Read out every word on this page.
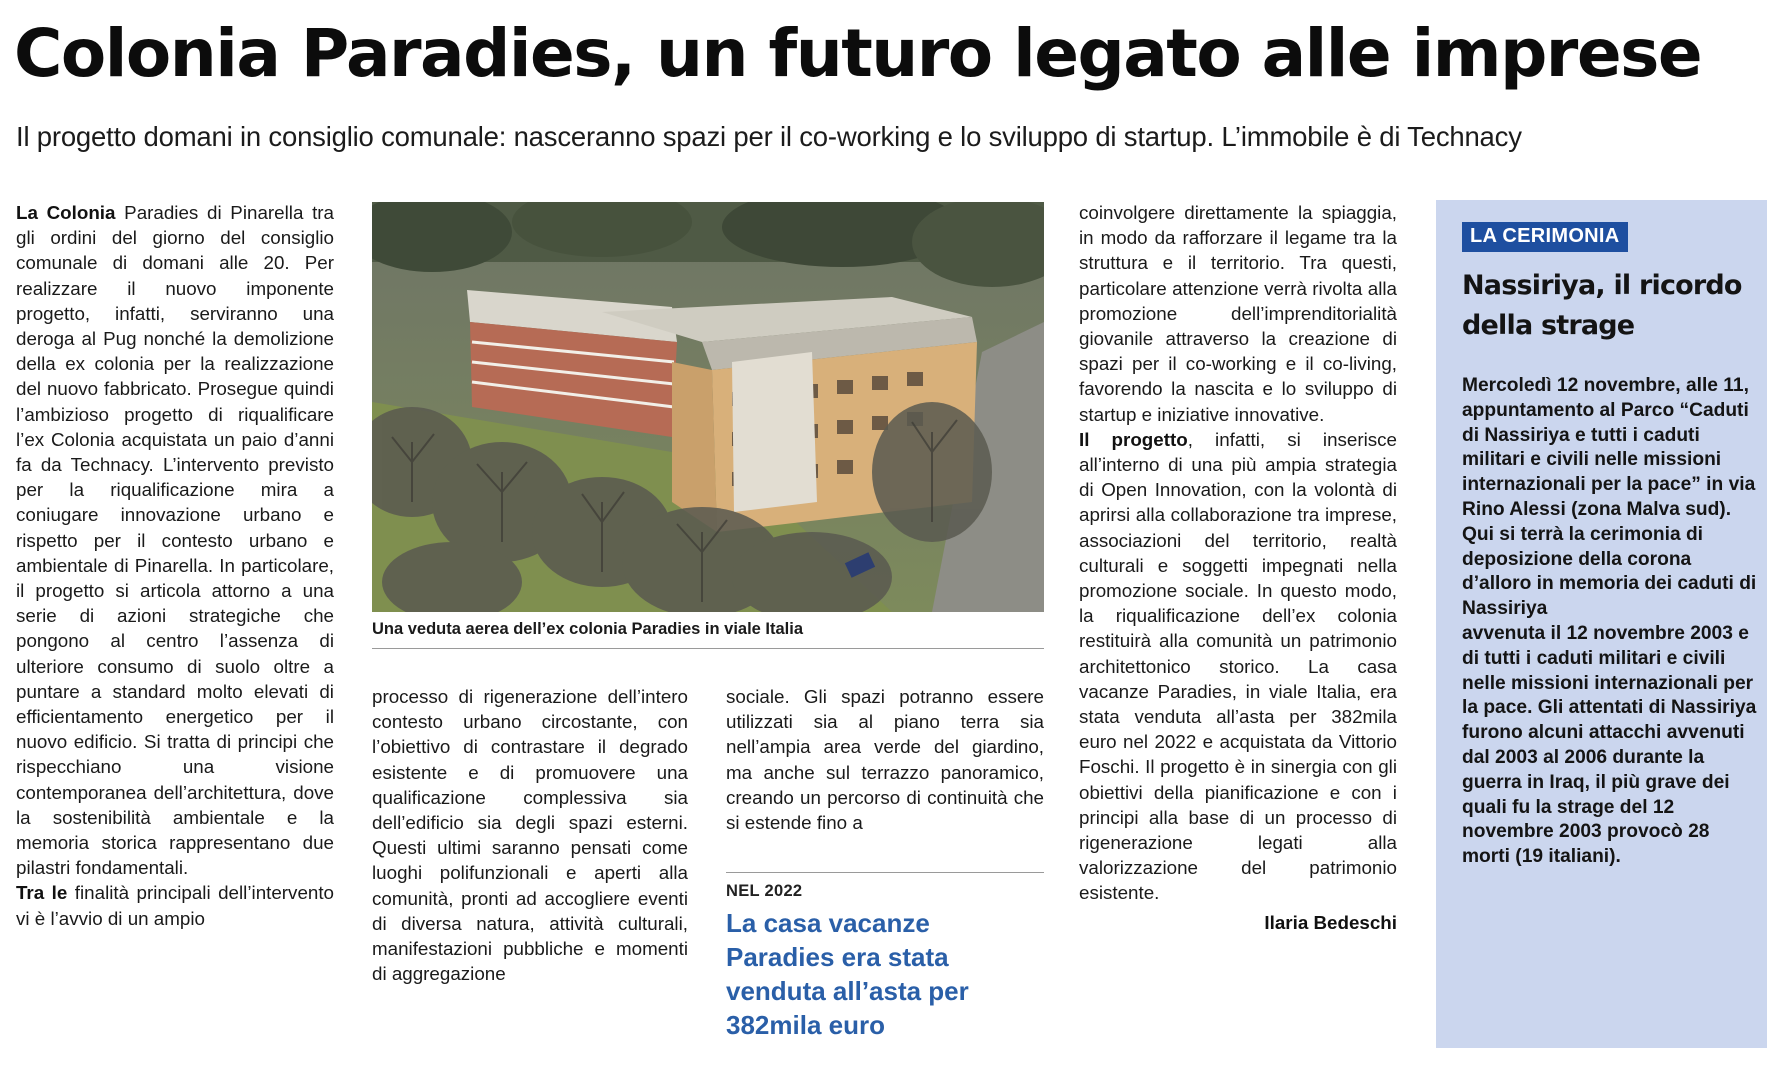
Colonia Paradies, un futuro legato alle imprese
Il progetto domani in consiglio comunale: nasceranno spazi per il co-working e lo sviluppo di startup. L’immobile è di Technacy

La Colonia Paradies di Pinarella tra gli ordini del giorno del consiglio comunale di domani alle 20. Per realizzare il nuovo imponente progetto, infatti, serviranno una deroga al Pug nonché la demolizione della ex colonia per la realizzazione del nuovo fabbricato. Prosegue quindi l’ambizioso progetto di riqualificare l’ex Colonia acquistata un paio d’anni fa da Technacy. L’intervento previsto per la riqualificazione mira a coniugare innovazione urbano e rispetto per il contesto urbano e ambientale di Pinarella. In particolare, il progetto si articola attorno a una serie di azioni strategiche che pongono al centro l’assenza di ulteriore consumo di suolo oltre a puntare a standard molto elevati di efficientamento energetico per il nuovo edificio. Si tratta di principi che rispecchiano una visione contemporanea dell’architettura, dove la sostenibilità ambientale e la memoria storica rappresentano due pilastri fondamentali.

Tra le finalità principali dell’intervento vi è l’avvio di un ampio

Una veduta aerea dell’ex colonia Paradies in viale Italia

processo di rigenerazione dell’intero contesto urbano circostante, con l’obiettivo di contrastare il degrado esistente e di promuovere una qualificazione complessiva sia dell’edificio sia degli spazi esterni. Questi ultimi saranno pensati come luoghi polifunzionali e aperti alla comunità, pronti ad accogliere eventi di diversa natura, attività culturali, manifestazioni pubbliche e momenti di aggregazione

sociale. Gli spazi potranno essere utilizzati sia al piano terra sia nell’ampia area verde del giardino, ma anche sul terrazzo panoramico, creando un percorso di continuità che si estende fino a

NEL 2022
La casa vacanze Paradies era stata venduta all’asta per 382mila euro

coinvolgere direttamente la spiaggia, in modo da rafforzare il legame tra la struttura e il territorio. Tra questi, particolare attenzione verrà rivolta alla promozione dell’imprenditorialità giovanile attraverso la creazione di spazi per il co-working e il co-living, favorendo la nascita e lo sviluppo di startup e iniziative innovative.

Il progetto, infatti, si inserisce all’interno di una più ampia strategia di Open Innovation, con la volontà di aprirsi alla collaborazione tra imprese, associazioni del territorio, realtà culturali e soggetti impegnati nella promozione sociale. In questo modo, la riqualificazione dell’ex colonia restituirà alla comunità un patrimonio architettonico storico. La casa vacanze Paradies, in viale Italia, era stata venduta all’asta per 382mila euro nel 2022 e acquistata da Vittorio Foschi. Il progetto è in sinergia con gli obiettivi della pianificazione e con i principi alla base di un processo di rigenerazione legati alla valorizzazione del patrimonio esistente.

Ilaria Bedeschi
LA CERIMONIA
Nassiriya, il ricordo della strage

Mercoledì 12 novembre, alle 11, appuntamento al Parco “Caduti di Nassiriya e tutti i caduti militari e civili nelle missioni internazionali per la pace” in via Rino Alessi (zona Malva sud). Qui si terrà la cerimonia di deposizione della corona d’alloro in memoria dei caduti di Nassiriya

avvenuta il 12 novembre 2003 e di tutti i caduti militari e civili nelle missioni internazionali per la pace. Gli attentati di Nassiriya furono alcuni attacchi avvenuti dal 2003 al 2006 durante la guerra in Iraq, il più grave dei quali fu la strage del 12 novembre 2003 provocò 28 morti (19 italiani).
